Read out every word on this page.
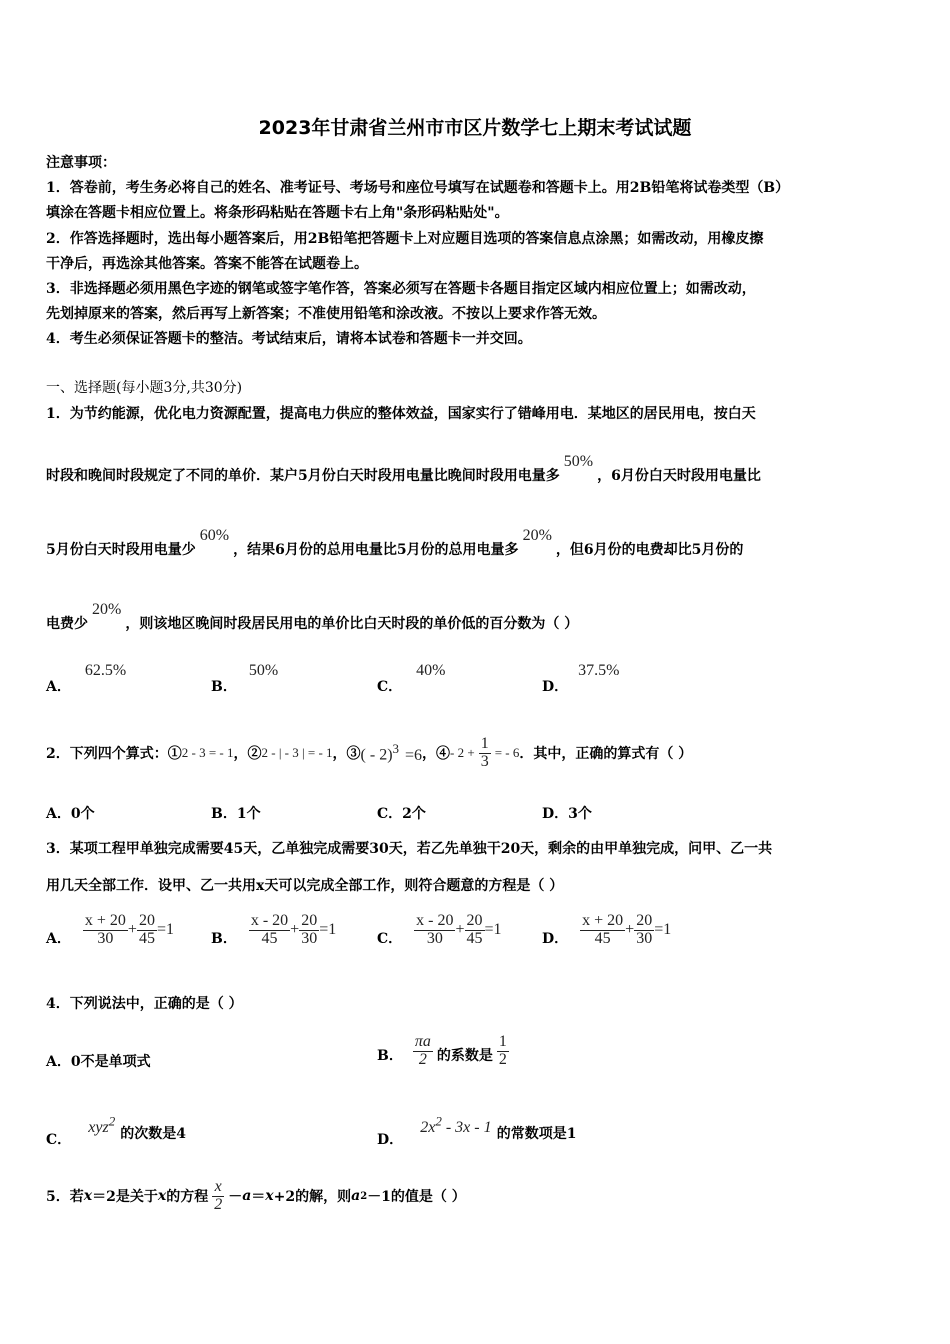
2023年甘肃省兰州市市区片数学七上期末考试试题
注意事项：
1．答卷前，考生务必将自己的姓名、准考证号、考场号和座位号填写在试题卷和答题卡上。用2B铅笔将试卷类型（B）
填涂在答题卡相应位置上。将条形码粘贴在答题卡右上角"条形码粘贴处"。
2．作答选择题时，选出每小题答案后，用2B铅笔把答题卡上对应题目选项的答案信息点涂黑；如需改动，用橡皮擦
干净后，再选涂其他答案。答案不能答在试题卷上。
3．非选择题必须用黑色字迹的钢笔或签字笔作答，答案必须写在答题卡各题目指定区域内相应位置上；如需改动，
先划掉原来的答案，然后再写上新答案；不准使用铅笔和涂改液。不按以上要求作答无效。
4．考生必须保证答题卡的整洁。考试结束后，请将本试卷和答题卡一并交回。
一、选择题(每小题3分,共30分)
1．为节约能源，优化电力资源配置，提高电力供应的整体效益，国家实行了错峰用电．某地区的居民用电，按白天
时段和晚间时段规定了不同的单价．某户5月份白天时段用电量比晚间时段用电量多50%，6月份白天时段用电量比
5月份白天时段用电量少60%，结果6月份的总用电量比5月份的总用电量多20%，但6月份的电费却比5月份的
电费少20%，则该地区晚间时段居民用电的单价比白天时段的单价低的百分数为（ ）
A．62.5%
B．50%
C．40%
D．37.5%
2．下列四个算式：① 2 - 3 = - 1 ，② 2 - | - 3 | = - 1 ，③ ( - 2)$^3$ =6 ，④ - $2 + \frac{1}{3}$ = - 6 ．其中，正确的算式有（ ）
A．0个	B．1个	C．2个	D．3个
3．某项工程甲单独完成需要45天，乙单独完成需要30天，若乙先单独干20天，剩余的由甲单独完成，问甲、乙一共
用几天全部工作．设甲、乙一共用x天可以完成全部工作，则符合题意的方程是（ ）
A． $\frac{x + 20}{30} + \frac{20}{45} =1$
B． $\frac{x - 20}{45} + \frac{20}{30} =1$
C． $\frac{x - 20}{30} + \frac{20}{45} =1$
D． $\frac{x + 20}{45} + \frac{20}{30} =1$
4．下列说法中，正确的是（ ）
A．0不是单项式	B． $\frac{\pi a}{2}$ 的系数是 $\frac{1}{2}$
C． xyz$^2$ 的次数是4	D． $2x^2 - 3x - 1$ 的常数项是1
5．若 x ＝2是关于 x 的方程 $\frac{x}{2} - a = x +2$的解，则 a 2 －1的值是（ ）
